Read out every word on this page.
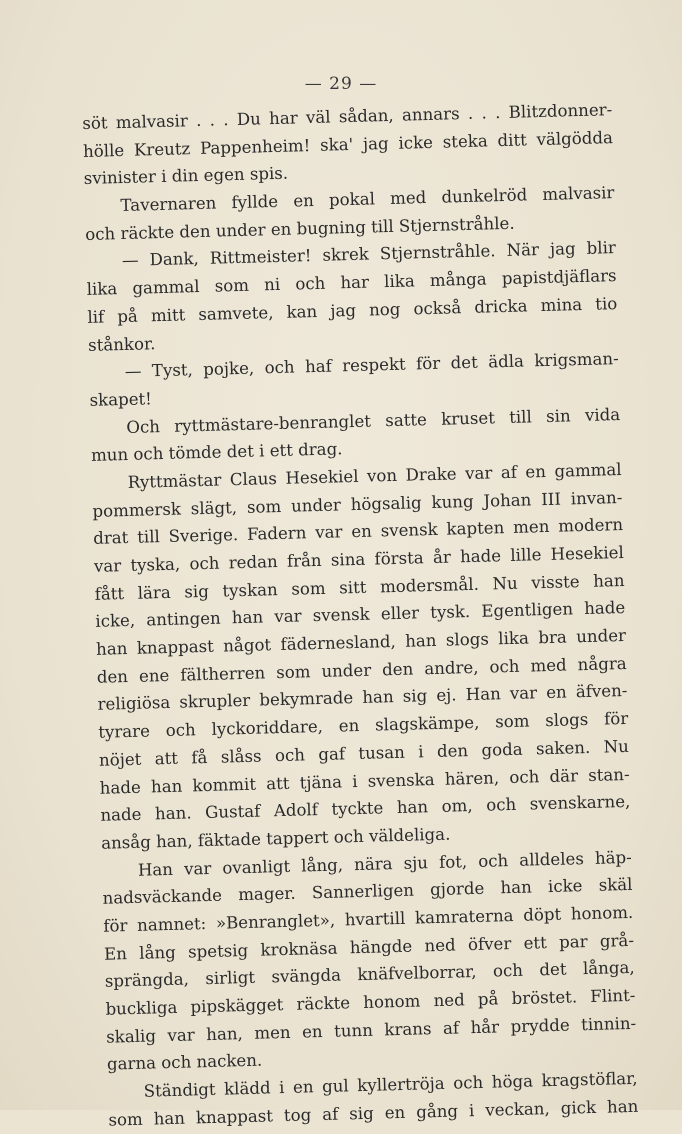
— 29 —
söt malvasir . . . Du har väl sådan, annars . . . Blitzdonner-
hölle Kreutz Pappenheim! ska' jag icke steka ditt välgödda
svinister i din egen spis.
Tavernaren fyllde en pokal med dunkelröd malvasir
och räckte den under en bugning till Stjernstråhle.
— Dank, Rittmeister! skrek Stjernstråhle. När jag blir
lika gammal som ni och har lika många papistdjäflars
lif på mitt samvete, kan jag nog också dricka mina tio
stånkor.
— Tyst, pojke, och haf respekt för det ädla krigsman-
skapet!
Och ryttmästare-benranglet satte kruset till sin vida
mun och tömde det i ett drag.
Ryttmästar Claus Hesekiel von Drake var af en gammal
pommersk slägt, som under högsalig kung Johan III invan-
drat till Sverige. Fadern var en svensk kapten men modern
var tyska, och redan från sina första år hade lille Hesekiel
fått lära sig tyskan som sitt modersmål. Nu visste han
icke, antingen han var svensk eller tysk. Egentligen hade
han knappast något fädernesland, han slogs lika bra under
den ene fältherren som under den andre, och med några
religiösa skrupler bekymrade han sig ej. Han var en äfven-
tyrare och lyckoriddare, en slagskämpe, som slogs för
nöjet att få slåss och gaf tusan i den goda saken. Nu
hade han kommit att tjäna i svenska hären, och där stan-
nade han. Gustaf Adolf tyckte han om, och svenskarne,
ansåg han, fäktade tappert och väldeliga.
Han var ovanligt lång, nära sju fot, och alldeles häp-
nadsväckande mager. Sannerligen gjorde han icke skäl
för namnet: »Benranglet», hvartill kamraterna döpt honom.
En lång spetsig kroknäsa hängde ned öfver ett par grå-
sprängda, sirligt svängda knäfvelborrar, och det långa,
buckliga pipskägget räckte honom ned på bröstet. Flint-
skalig var han, men en tunn krans af hår prydde tinnin-
garna och nacken.
Ständigt klädd i en gul kyllertröja och höga kragstöflar,
som han knappast tog af sig en gång i veckan, gick han
